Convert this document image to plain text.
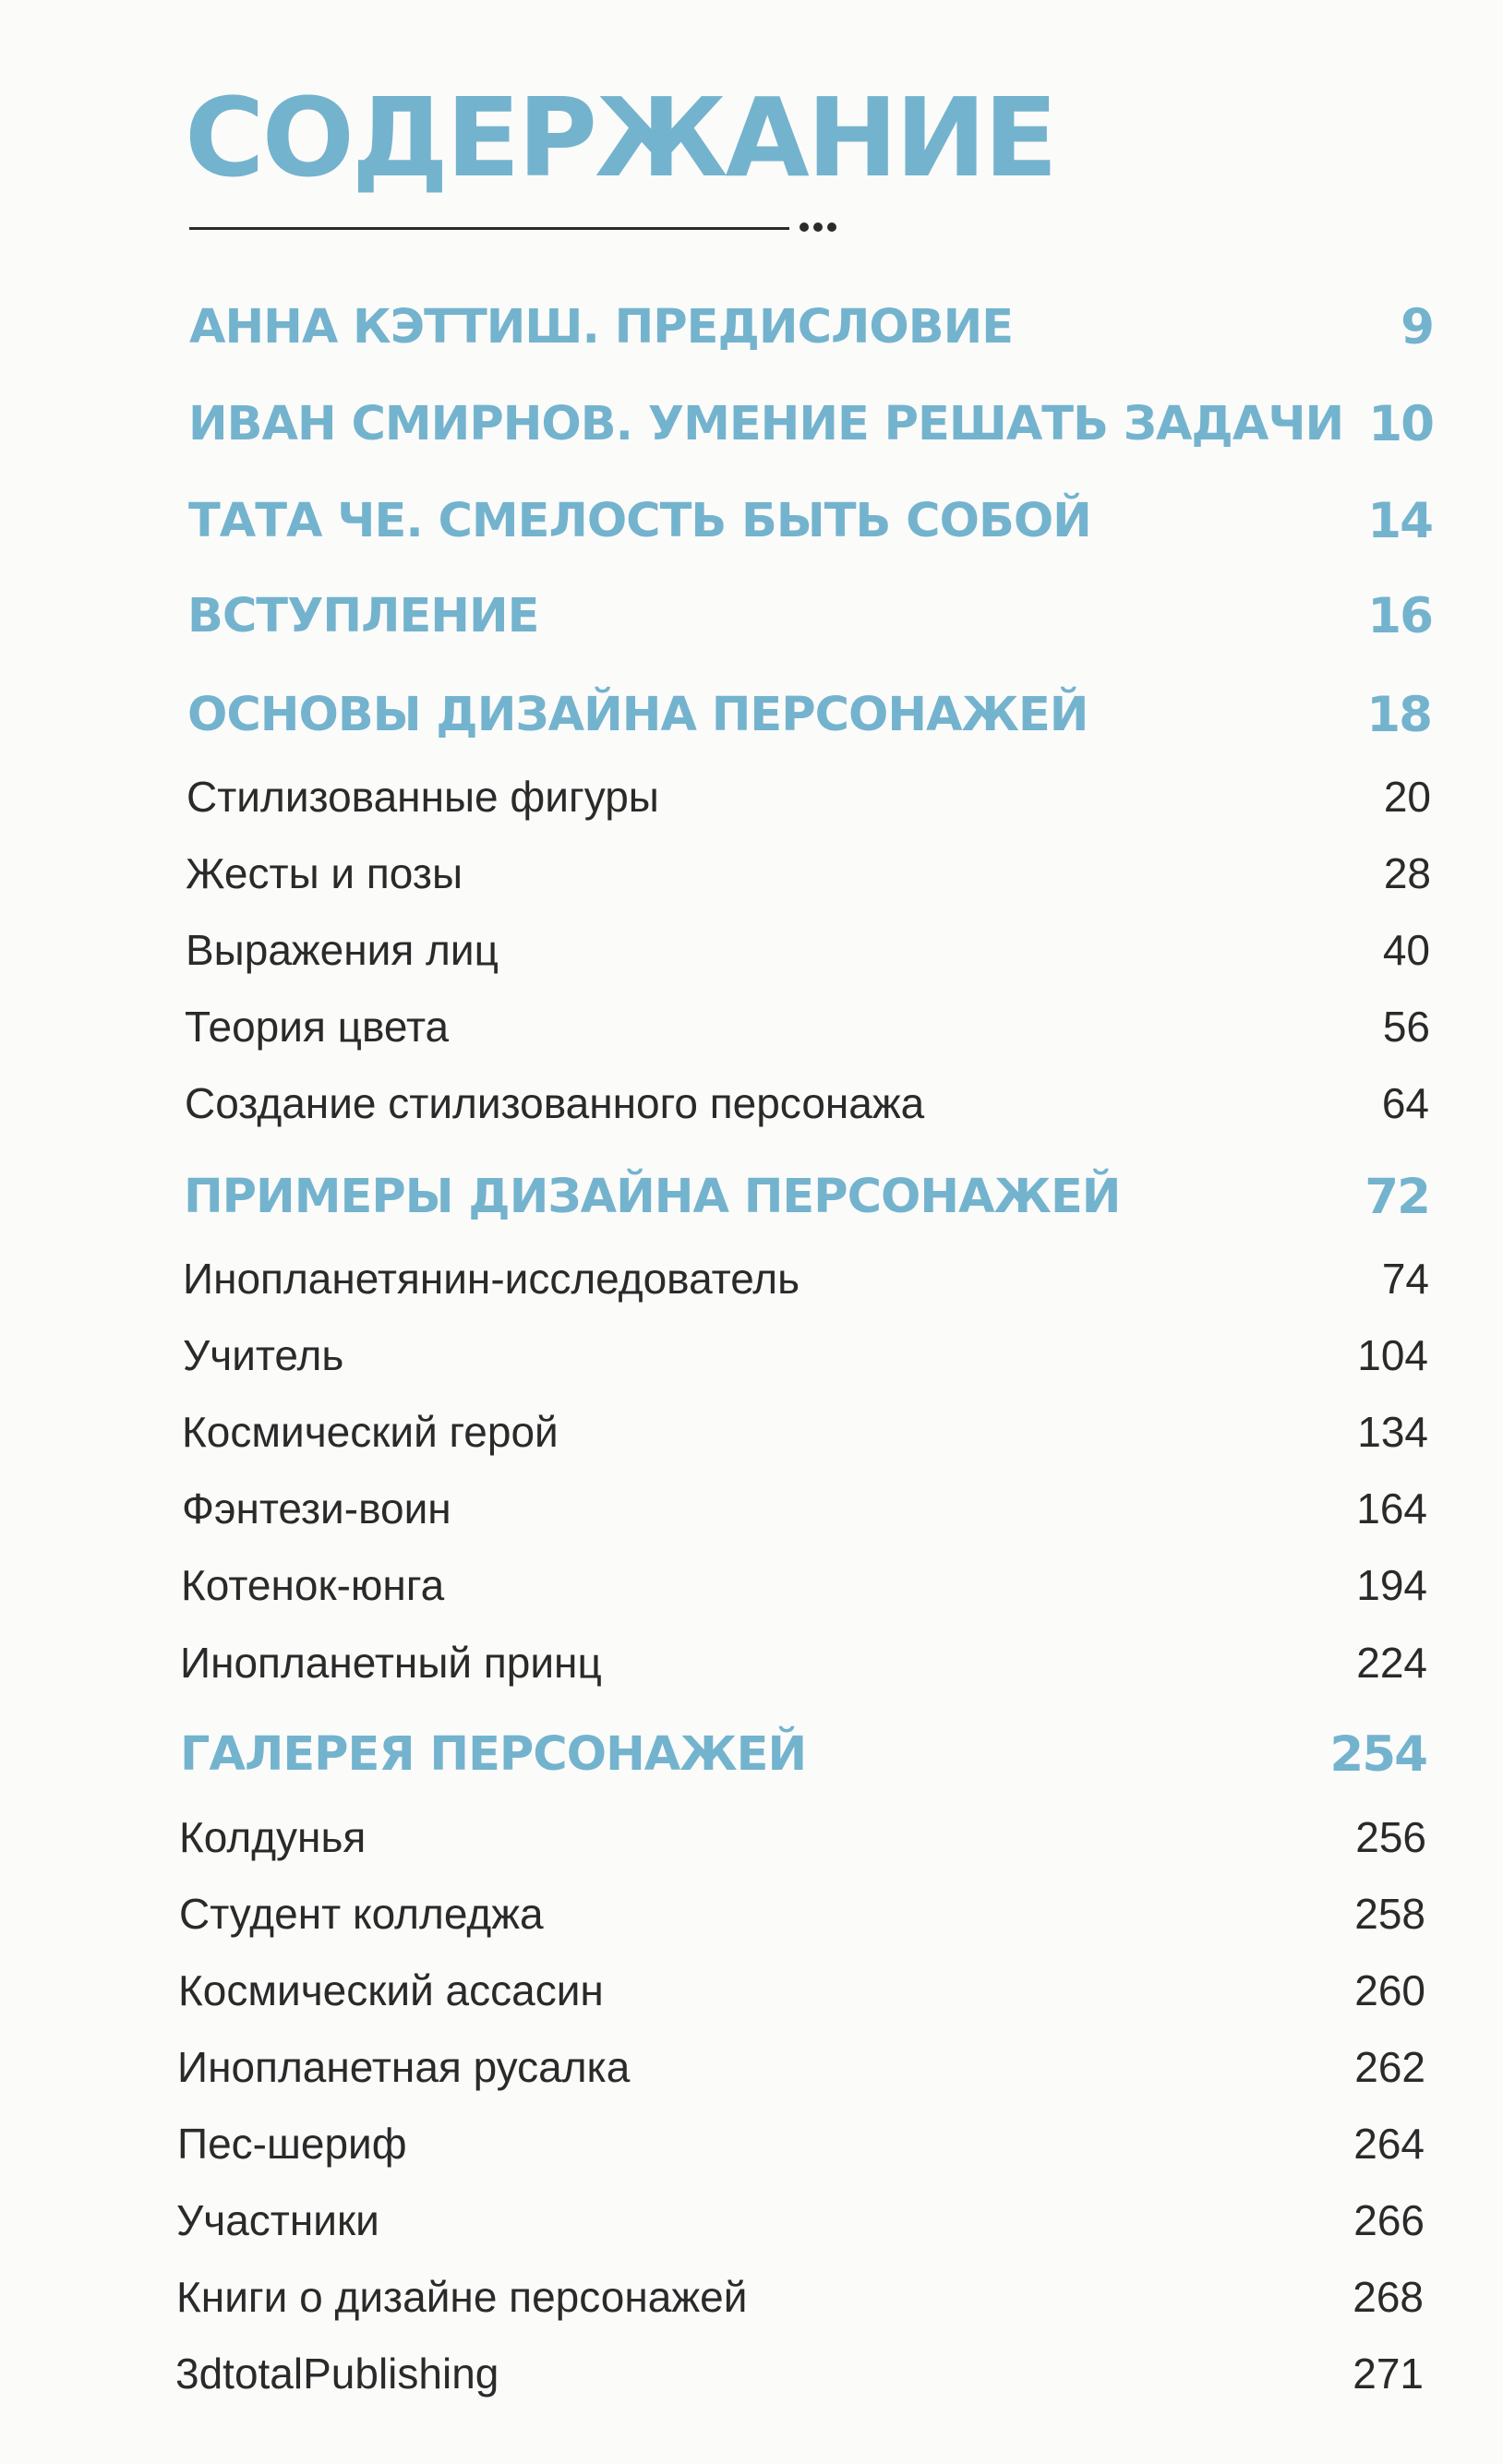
СОДЕРЖАНИЕ
АННА КЭТТИШ. ПРЕДИСЛОВИЕ	9
ИВАН СМИРНОВ. УМЕНИЕ РЕШАТЬ ЗАДАЧИ 10
ТАТА ЧЕ. СМЕЛОСТЬ БЫТЬ СОБОЙ	14
ВСТУПЛЕНИЕ	16
ОСНОВЫ ДИЗАЙНА ПЕРСОНАЖЕЙ	18
Стилизованные фигуры	20
Жесты и позы	28
Выражения лиц	40
Теория цвета	56
Создание стилизованного персонажа	64
ПРИМЕРЫ ДИЗАЙНА ПЕРСОНАЖЕЙ	72
Инопланетянин-исследователь	74
Учитель	104
Космический герой	134
Фэнтези-воин	164
Котенок-юнга	194
Инопланетный принц	224
ГАЛЕРЕЯ ПЕРСОНАЖЕЙ	254
Колдунья	256
Студент колледжа	258
Космический ассасин	260
Инопланетная русалка	262
Пес-шериф	264
Участники	266
Книги о дизайне персонажей	268
3dtotalPublishing	271
